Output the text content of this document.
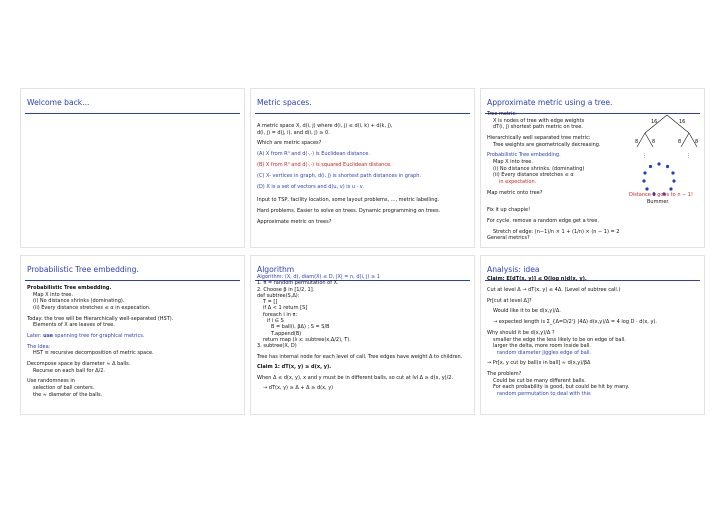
Welcome back...	Metric spaces.
A metric space X, d(i, j) where d(i, j) ≤ d(i, k) + d(k, j),

d(i, j) = d(j, i), and d(i, j) ≥ 0.

Which are metric spaces?

(A) X from Rᵈ and d(·,·) is Euclidean distance.

(B) X from Rᵈ and d(·,·) is squared Euclidean distance.

(C) X- vertices in graph, d(i, j) is shortest path distances in graph.

(D) X is a set of vectors and d(u, v) is u · v.

Input to TSP, facility location, some layout problems, ..., metric labelling.

Hard problems. Easier to solve on trees. Dynamic programming on trees.

Approximate metric on trees?

Approximate metric using a tree.
Tree metric:
X is nodes of tree with edge weights

dT(i, j) shortest path metric on tree.

Hierarchically well separated tree metric:

Tree weights are geometrically decreasing.

Probabilistic Tree embedding.
Map X into tree.
(i) No distance shrinks. (dominating)
(ii) Every distance stretches ≤ α

in expectation.

Map metric onto tree?

Fix it up chappie!

For cycle. remove a random edge get a tree.

Stretch of edge: (n−1)/n × 1 + (1/n) × (n − 1) = 2
General metrics?
16	16
8	8	8	8
⋮	⋮
Distance 1 goes to n − 1!
Bummer.
Probabilistic Tree embedding.
Probabilistic Tree embedding.
Map X into tree.
(i) No distance shrinks (dominating).

(ii) Every distance stretches ≤ α in expecation.

Today: the tree will be Hierarchically well-separated (HST).

Elements of X are leaves of tree.

Later: use spanning tree for graphical metrics.

The Idea:

HST ≡ recursive decomposition of metric space.

Decompose space by diameter ≈ Δ balls.

Recurse on each ball for Δ/2.

Use randomness in
selection of ball centers.
the ≈ diameter of the balls.
Algorithm
Algorithm: (X, d), diam(X) ≤ D, |X| = n, d(i, j) ≥ 1
1. π = random permutation of X.
2. Choose β in [1/2, 1].
def subtree(S,Δ):
T = []
if Δ < 1 return [S]
foreach i in π:
if i ∈ S
B = ball(i, βΔ) ; S = S/B
T.append(B)
return map (λ x: subtree(x,Δ/2), T).

3. subtree(X, D)

Tree has internal node for each level of call. Tree edges have weight Δ to children.

Claim 1: dT(x, y) ≥ d(x, y).

When Δ ≤ d(x, y), x and y must be in different balls, so cut at lvl Δ ≥ d(x, y)/2.

→ dT(x, y) ≥ Δ + Δ ≥ d(x, y)
Analysis: idea

Claim: E[dT(x, y)] ≤ O(log n)d(x, y).

Cut at level Δ → dT(x, y) ≤ 4Δ. (Level of subtree call.)

Pr[cut at level Δ]?

Would like it to be d(x,y)/Δ.

→ expected length is Σ_{Δ=D/2ⁱ} (4Δ) d(x,y)/Δ = 4 log D · d(x, y).

Why should it be d(x,y)/Δ ?
smaller the edge the less likely to be on edge of ball.
larger the delta, more room inside ball.

random diameter jiggles edge of ball.

→ Pr[x, y cut by ball(x in ball] ≈ d(x,y)/βΔ

The problem?
Could be cut be many different balls.
For each probability is good, but could be hit by many.
random permutation to deal with this
